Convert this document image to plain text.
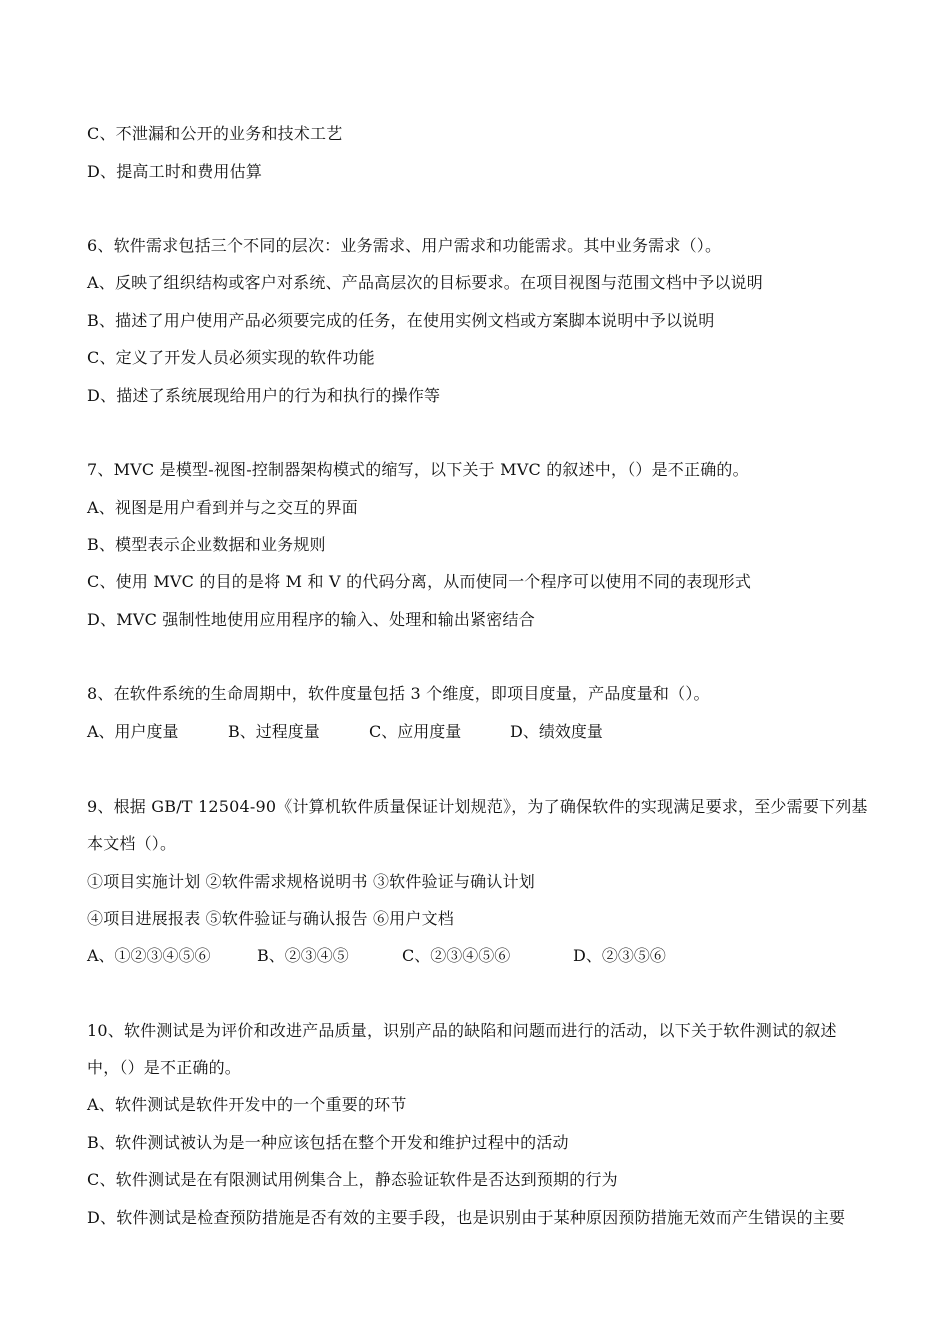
C、不泄漏和公开的业务和技术工艺
D、提高工时和费用估算
6、软件需求包括三个不同的层次：业务需求、用户需求和功能需求。其中业务需求（）。
A、反映了组织结构或客户对系统、产品高层次的目标要求。在项目视图与范围文档中予以说明
B、描述了用户使用产品必须要完成的任务，在使用实例文档或方案脚本说明中予以说明
C、定义了开发人员必须实现的软件功能
D、描述了系统展现给用户的行为和执行的操作等
7、MVC 是模型-视图-控制器架构模式的缩写，以下关于 MVC 的叙述中，（）是不正确的。
A、视图是用户看到并与之交互的界面
B、模型表示企业数据和业务规则
C、使用 MVC 的目的是将 M 和 V 的代码分离，从而使同一个程序可以使用不同的表现形式
D、MVC 强制性地使用应用程序的输入、处理和输出紧密结合
8、在软件系统的生命周期中，软件度量包括 3 个维度，即项目度量，产品度量和（）。
A、用户度量	B、过程度量	C、应用度量	D、绩效度量
9、根据 GB/T 12504-90《计算机软件质量保证计划规范》，为了确保软件的实现满足要求，至少需要下列基
本文档（）。
①项目实施计划 ②软件需求规格说明书 ③软件验证与确认计划
④项目进展报表 ⑤软件验证与确认报告 ⑥用户文档
A、①②③④⑤⑥	B、②③④⑤	C、②③④⑤⑥	D、②③⑤⑥
10、软件测试是为评价和改进产品质量，识别产品的缺陷和问题而进行的活动，以下关于软件测试的叙述
中，（）是不正确的。
A、软件测试是软件开发中的一个重要的环节
B、软件测试被认为是一种应该包括在整个开发和维护过程中的活动
C、软件测试是在有限测试用例集合上，静态验证软件是否达到预期的行为
D、软件测试是检查预防措施是否有效的主要手段，也是识别由于某种原因预防措施无效而产生错误的主要
